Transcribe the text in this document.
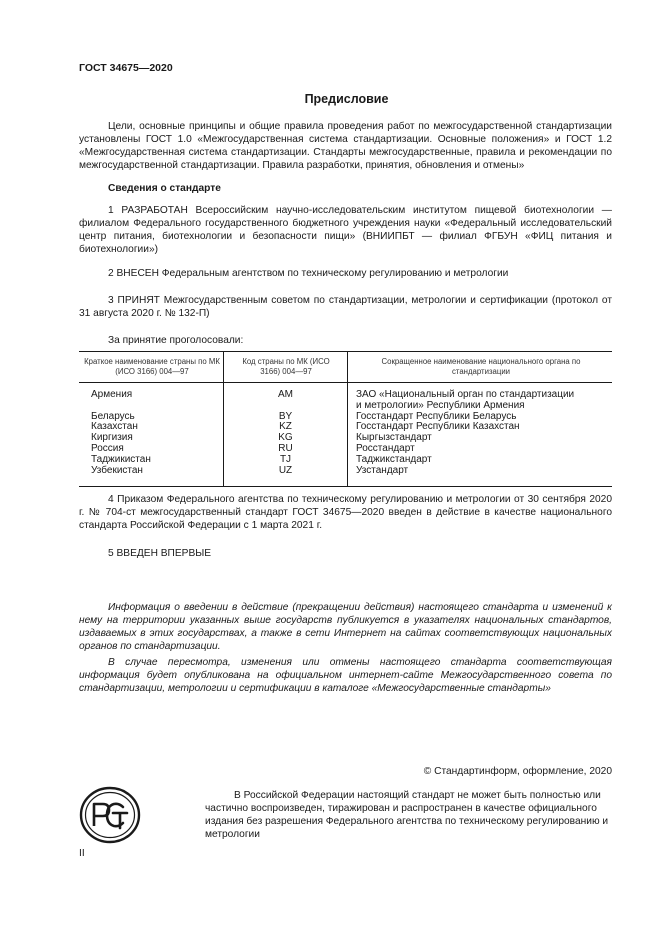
ГОСТ 34675—2020
Предисловие
Цели, основные принципы и общие правила проведения работ по межгосударственной стандартизации установлены ГОСТ 1.0 «Межгосударственная система стандартизации. Основные положения» и ГОСТ 1.2 «Межгосударственная система стандартизации. Стандарты межгосударственные, правила и рекомендации по межгосударственной стандартизации. Правила разработки, принятия, обновления и отмены»
Сведения о стандарте
1 РАЗРАБОТАН Всероссийским научно-исследовательским институтом пищевой биотехнологии — филиалом Федерального государственного бюджетного учреждения науки «Федеральный исследовательский центр питания, биотехнологии и безопасности пищи» (ВНИИПБТ — филиал ФГБУН «ФИЦ питания и биотехнологии»)
2 ВНЕСЕН Федеральным агентством по техническому регулированию и метрологии
3 ПРИНЯТ Межгосударственным советом по стандартизации, метрологии и сертификации (протокол от 31 августа 2020 г. № 132-П)
За принятие проголосовали:
Краткое наименование страны по МК (ИСО 3166) 004—97
Код страны по МК (ИСО 3166) 004—97
Сокращенное наименование национального органа по стандартизации
Армения

Беларусь
Казахстан
Киргизия
Россия
Таджикистан
Узбекистан
AM

BY
KZ
KG
RU
TJ
UZ
ЗАО «Национальный орган по стандартизации
и метрологии» Республики Армения
Госстандарт Республики Беларусь
Госстандарт Республики Казахстан
Кыргызстандарт
Росстандарт
Таджикстандарт
Узстандарт
4 Приказом Федерального агентства по техническому регулированию и метрологии от 30 сентября 2020 г. № 704-ст межгосударственный стандарт ГОСТ 34675—2020 введен в действие в качестве национального стандарта Российской Федерации с 1 марта 2021 г.
5 ВВЕДЕН ВПЕРВЫЕ
Информация о введении в действие (прекращении действия) настоящего стандарта и изменений к нему на территории указанных выше государств публикуется в указателях национальных стандартов, издаваемых в этих государствах, а также в сети Интернет на сайтах соответствующих национальных органов по стандартизации.
В случае пересмотра, изменения или отмены настоящего стандарта соответствующая информация будет опубликована на официальном интернет-сайте Межгосударственного совета по стандартизации, метрологии и сертификации в каталоге «Межгосударственные стандарты»
© Стандартинформ, оформление, 2020
В Российской Федерации настоящий стандарт не может быть полностью или частично воспроизведен, тиражирован и распространен в качестве официального издания без разрешения Федерального агентства по техническому регулированию и метрологии
II
